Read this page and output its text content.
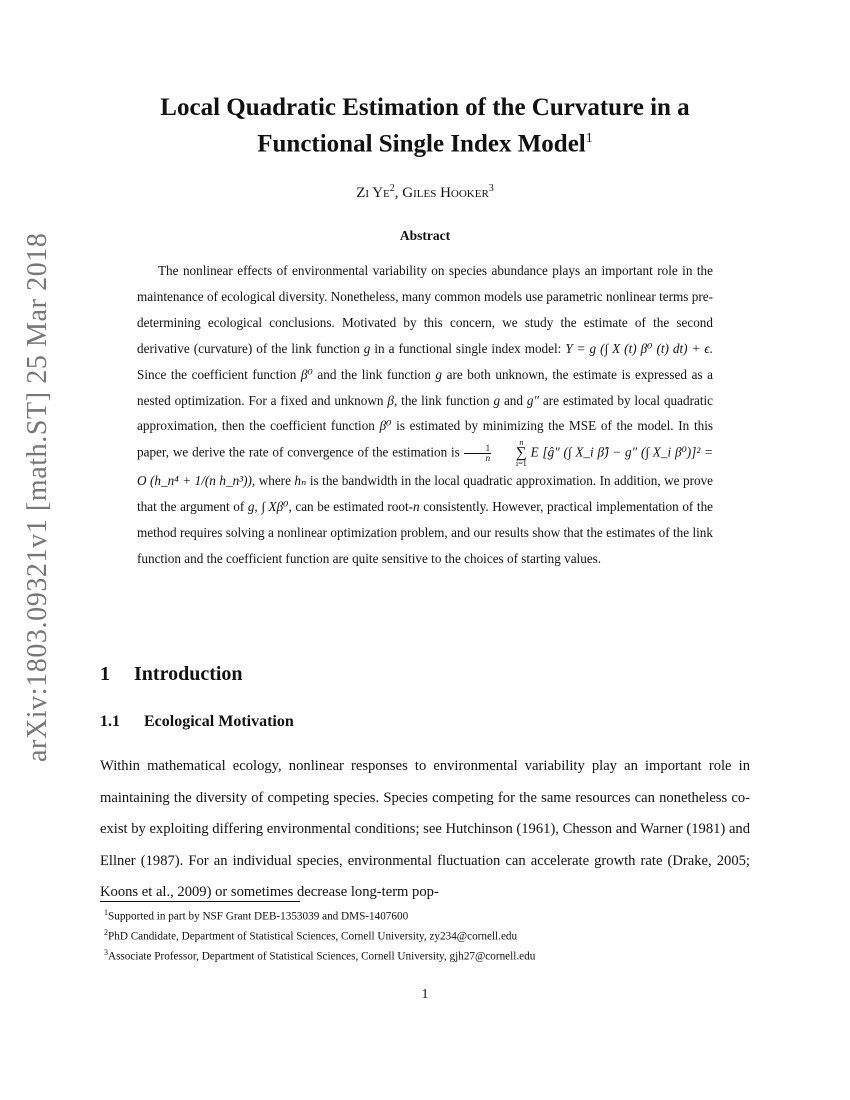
arXiv:1803.09321v1 [math.ST] 25 Mar 2018
Local Quadratic Estimation of the Curvature in a
Functional Single Index Model$^1$
Zi Ye$^2$, Giles Hooker$^3$
Abstract
The nonlinear effects of environmental variability on species abundance plays an important role in the maintenance of ecological diversity. Nonetheless, many common models use parametric nonlinear terms pre-determining ecological conclusions. Motivated by this concern, we study the estimate of the second derivative (curvature) of the link function g in a functional single index model: Y = g (∫ X (t) β⁰ (t) dt) + ϵ. Since the coefficient function β⁰ and the link function g are both unknown, the estimate is expressed as a nested optimization. For a fixed and unknown β, the link function g and g″ are estimated by local quadratic approximation, then the coefficient function β⁰ is estimated by minimizing the MSE of the model. In this paper, we derive the rate of convergence of the estimation is $\frac{1}{n}$

n
∑
i=1
E [ĝ″ (∫ X_i β̂) − g″ (∫ X_i β⁰)]² = O (h_n⁴ + 1/(n h_n³)), where hₙ is the bandwidth in the local quadratic approximation. In addition, we prove that the argument of g, ∫ Xβ⁰, can be estimated root-n consistently. However, practical implementation of the method requires solving a nonlinear optimization problem, and our results show that the estimates of the link function and the coefficient function are quite sensitive to the choices of starting values.
1 Introduction
1.1 Ecological Motivation
Within mathematical ecology, nonlinear responses to environmental variability play an important role in maintaining the diversity of competing species. Species competing for the same resources can nonetheless co-exist by exploiting differing environmental conditions; see Hutchinson (1961), Chesson and Warner (1981) and Ellner (1987). For an individual species, environmental fluctuation can accelerate growth rate (Drake, 2005; Koons et al., 2009) or sometimes decrease long-term pop-
$^1$Supported in part by NSF Grant DEB-1353039 and DMS-1407600
$^2$PhD Candidate, Department of Statistical Sciences, Cornell University, zy234@cornell.edu
$^3$Associate Professor, Department of Statistical Sciences, Cornell University, gjh27@cornell.edu
1
